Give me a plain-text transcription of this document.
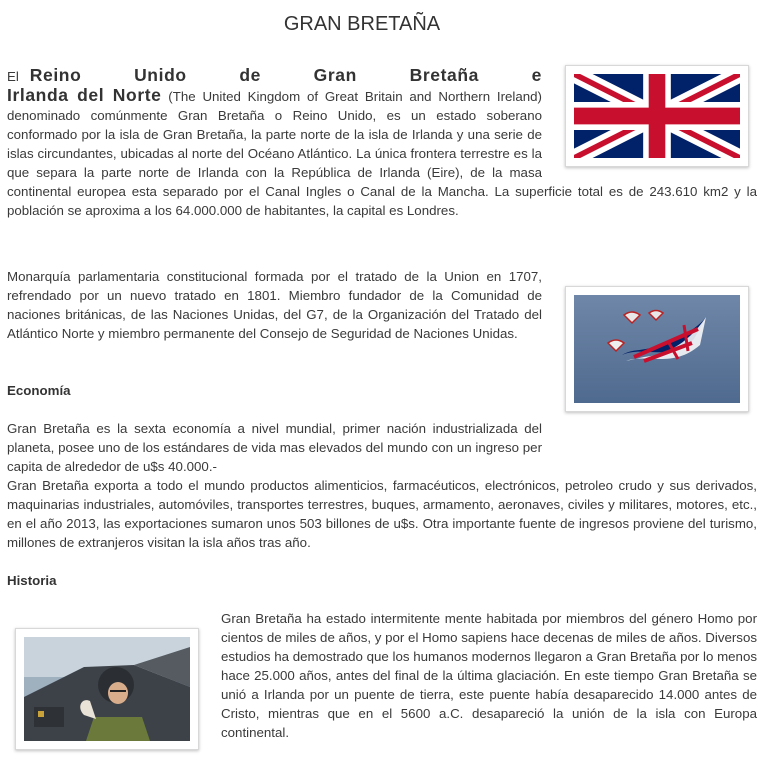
GRAN BRETAÑA

El Reino Unido de Gran Bretaña e Irlanda del Norte (The United Kingdom of Great Britain and Northern Ireland) denominado comúnmente Gran Bretaña o Reino Unido, es un estado soberano conformado por la isla de Gran Bretaña, la parte norte de la isla de Irlanda y una serie de islas circundantes, ubicadas al norte del Océano Atlántico. La única frontera terrestre es la que separa la parte norte de Irlanda con la República de Irlanda (Eire), de la masa continental europea esta separado por el Canal Ingles o Canal de la Mancha. La superficie total es de 243.610 km2 y la población se aproxima a los 64.000.000 de habitantes, la capital es Londres.

Monarquía parlamentaria constitucional formada por el tratado de la Union en 1707, refrendado por un nuevo tratado en 1801. Miembro fundador de la Comunidad de naciones británicas, de las Naciones Unidas, del G7, de la Organización del Tratado del Atlántico Norte y miembro permanente del Consejo de Seguridad de Naciones Unidas.

Economía

Gran Bretaña es la sexta economía a nivel mundial, primer nación industrializada del planeta, posee uno de los estándares de vida mas elevados del mundo con un ingreso per capita de alrededor de u$s 40.000.-

Gran Bretaña exporta a todo el mundo productos alimenticios, farmacéuticos, electrónicos, petroleo crudo y sus derivados, maquinarias industriales, automóviles, transportes terrestres, buques, armamento, aeronaves, civiles y militares, motores, etc., en el año 2013, las exportaciones sumaron unos 503 billones de u$s. Otra importante fuente de ingresos proviene del turismo, millones de extranjeros visitan la isla años tras año.

Historia

Gran Bretaña ha estado intermitente mente habitada por miembros del género Homo por cientos de miles de años, y por el Homo sapiens hace decenas de miles de años. Diversos estudios ha demostrado que los humanos modernos llegaron a Gran Bretaña por lo menos hace 25.000 años, antes del final de la última glaciación. En este tiempo Gran Bretaña se unió a Irlanda por un puente de tierra, este puente había desaparecido 14.000 antes de Cristo, mientras que en el 5600 a.C. desapareció la unión de la isla con Europa continental.
